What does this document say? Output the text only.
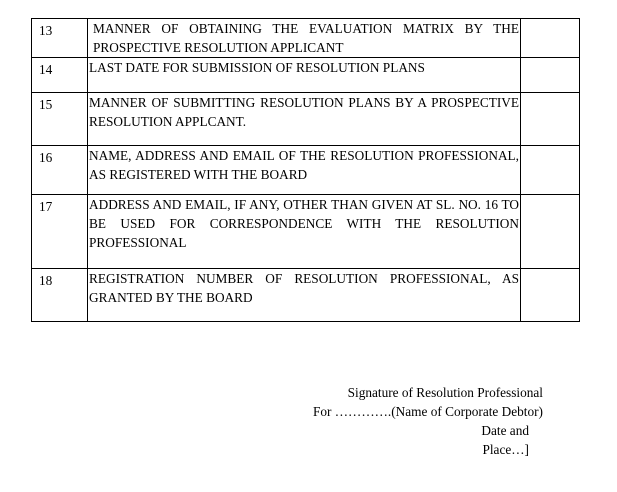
13	MANNER OF OBTAINING THE EVALUATION MATRIX BY THE PROSPECTIVE RESOLUTION APPLICANT	

14	LAST DATE FOR SUBMISSION OF RESOLUTION PLANS	

15	MANNER OF SUBMITTING RESOLUTION PLANS BY A PROSPECTIVE RESOLUTION APPLCANT.	

16	NAME, ADDRESS AND EMAIL OF THE RESOLUTION PROFESSIONAL, AS REGISTERED WITH THE BOARD	

17	ADDRESS AND EMAIL, IF ANY, OTHER THAN GIVEN AT SL. NO. 16 TO BE USED FOR CORRESPONDENCE WITH THE RESOLUTION PROFESSIONAL	

18	REGISTRATION NUMBER OF RESOLUTION PROFESSIONAL, AS GRANTED BY THE BOARD	

Signature of Resolution Professional
For ………….(Name of Corporate Debtor)
Date and
Place…]
